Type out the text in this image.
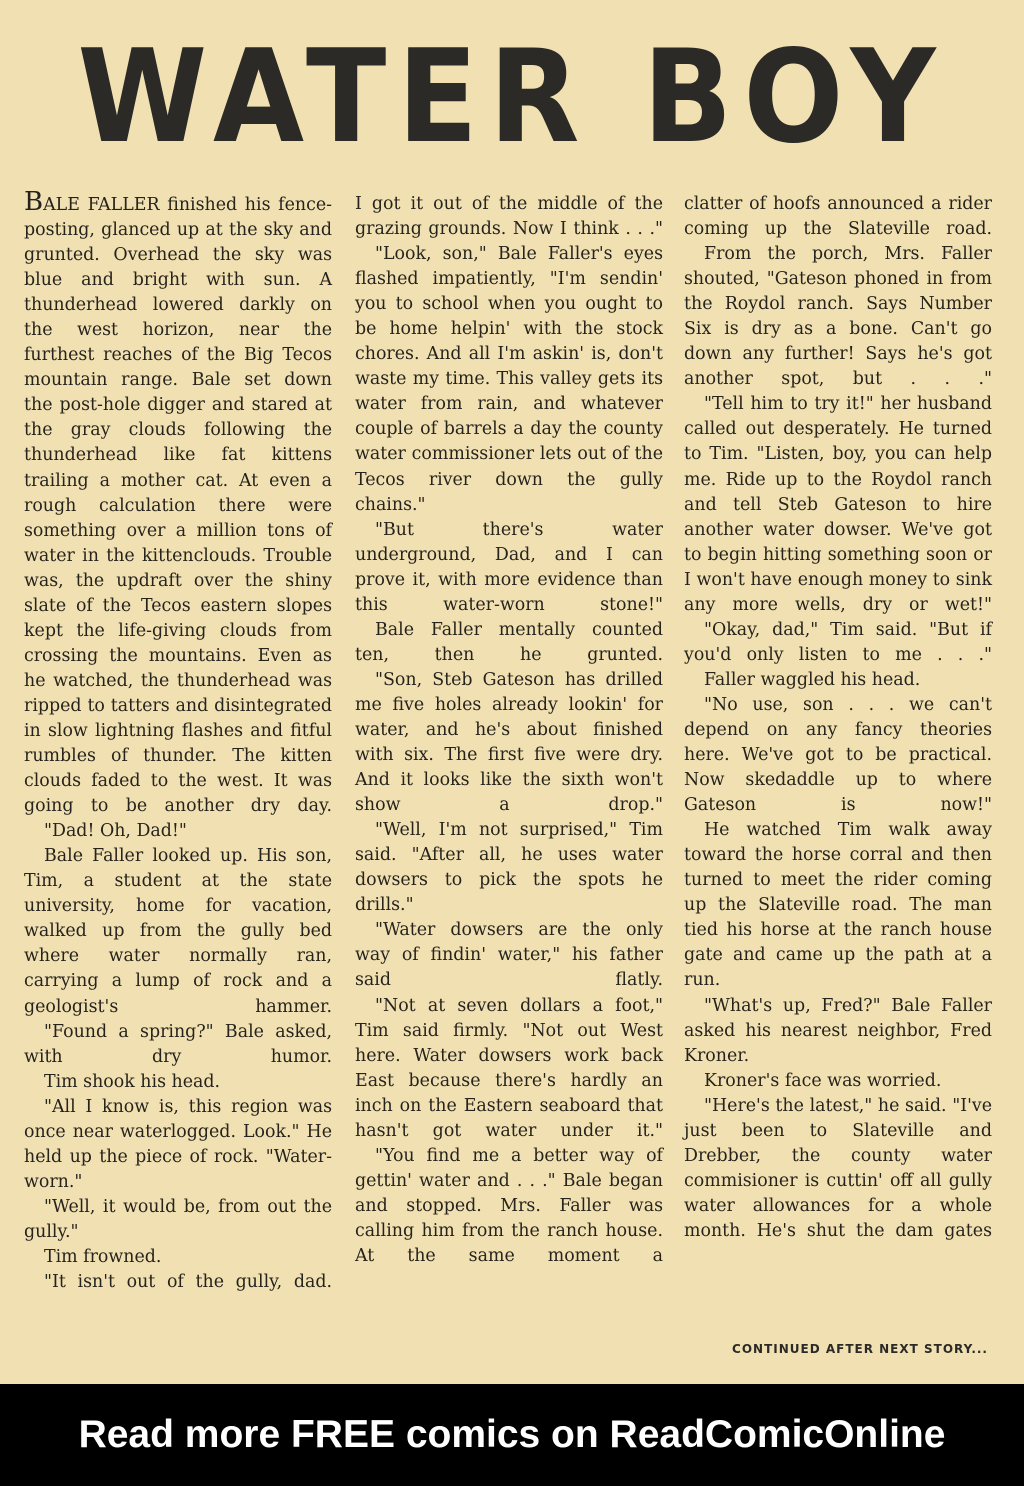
WATER BOY

BALE FALLER finished his fence-posting, glanced up at the sky and grunted. Overhead the sky was blue and bright with sun. A thunderhead lowered darkly on the west horizon, near the furthest reaches of the Big Tecos mountain range. Bale set down the post-hole digger and stared at the gray clouds following the thunderhead like fat kittens trailing a mother cat. At even a rough calculation there were something over a million tons of water in the kittenclouds. Trouble was, the updraft over the shiny slate of the Tecos eastern slopes kept the life-giving clouds from crossing the mountains. Even as he watched, the thunderhead was ripped to tatters and disintegrated in slow lightning flashes and fitful rumbles of thunder. The kitten clouds faded to the west. It was going to be another dry day.

"Dad! Oh, Dad!"

Bale Faller looked up. His son, Tim, a student at the state university, home for vacation, walked up from the gully bed where water normally ran, carrying a lump of rock and a geologist's hammer.

"Found a spring?" Bale asked, with dry humor.

Tim shook his head.

"All I know is, this region was once near waterlogged. Look." He held up the piece of rock. "Water-worn."

"Well, it would be, from out the gully."

Tim frowned.

"It isn't out of the gully, dad.

I got it out of the middle of the grazing grounds. Now I think . . ."

"Look, son," Bale Faller's eyes flashed impatiently, "I'm sendin' you to school when you ought to be home helpin' with the stock chores. And all I'm askin' is, don't waste my time. This valley gets its water from rain, and whatever couple of barrels a day the county water commissioner lets out of the Tecos river down the gully chains."

"But there's water underground, Dad, and I can prove it, with more evidence than this water-worn stone!"

Bale Faller mentally counted ten, then he grunted.

"Son, Steb Gateson has drilled me five holes already lookin' for water, and he's about finished with six. The first five were dry. And it looks like the sixth won't show a drop."

"Well, I'm not surprised," Tim said. "After all, he uses water dowsers to pick the spots he drills."

"Water dowsers are the only way of findin' water," his father said flatly.

"Not at seven dollars a foot," Tim said firmly. "Not out West here. Water dowsers work back East because there's hardly an inch on the Eastern seaboard that hasn't got water under it."

"You find me a better way of gettin' water and . . ." Bale began and stopped. Mrs. Faller was calling him from the ranch house. At the same moment a

clatter of hoofs announced a rider coming up the Slateville road.

From the porch, Mrs. Faller shouted, "Gateson phoned in from the Roydol ranch. Says Number Six is dry as a bone. Can't go down any further! Says he's got another spot, but . . ."

"Tell him to try it!" her husband called out desperately. He turned to Tim. "Listen, boy, you can help me. Ride up to the Roydol ranch and tell Steb Gateson to hire another water dowser. We've got to begin hitting something soon or I won't have enough money to sink any more wells, dry or wet!"

"Okay, dad," Tim said. "But if you'd only listen to me . . ."

Faller waggled his head.

"No use, son . . . we can't depend on any fancy theories here. We've got to be practical. Now skedaddle up to where Gateson is now!"

He watched Tim walk away toward the horse corral and then turned to meet the rider coming up the Slateville road. The man tied his horse at the ranch house gate and came up the path at a run.

"What's up, Fred?" Bale Faller asked his nearest neighbor, Fred Kroner.

Kroner's face was worried.

"Here's the latest," he said. "I've just been to Slateville and Drebber, the county water commisioner is cuttin' off all gully water allowances for a whole month. He's shut the dam gates

CONTINUED AFTER NEXT STORY...
Read more FREE comics on ReadComicOnline
